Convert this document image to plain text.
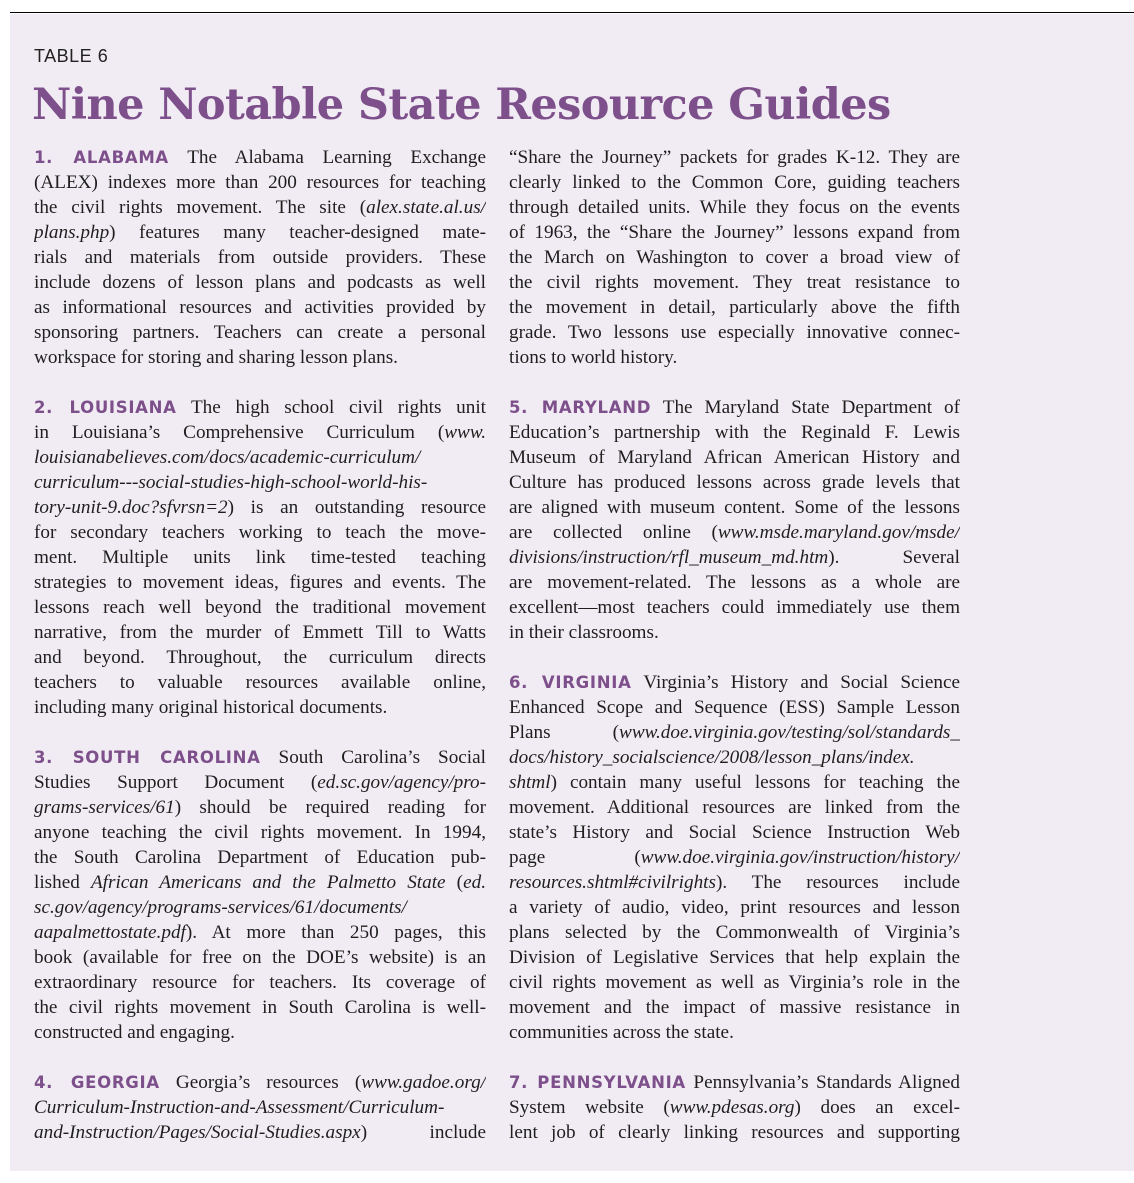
TABLE 6
Nine Notable State Resource Guides

1. ALABAMA The Alabama Learning Exchange
(ALEX) indexes more than 200 resources for teaching
the civil rights movement. The site (alex.state.al.us/
plans.php) features many teacher-designed mate-
rials and materials from outside providers. These
include dozens of lesson plans and podcasts as well
as informational resources and activities provided by
sponsoring partners. Teachers can create a personal
workspace for storing and sharing lesson plans.

2. LOUISIANA The high school civil rights unit
in Louisiana’s Comprehensive Curriculum (www.
louisianabelieves.com/docs/academic-curriculum/
curriculum---social-studies-high-school-world-his-
tory-unit-9.doc?sfvrsn=2) is an outstanding resource
for secondary teachers working to teach the move-
ment. Multiple units link time-tested teaching
strategies to movement ideas, figures and events. The
lessons reach well beyond the traditional movement
narrative, from the murder of Emmett Till to Watts
and beyond. Throughout, the curriculum directs
teachers to valuable resources available online,
including many original historical documents.

3. SOUTH CAROLINA South Carolina’s Social
Studies Support Document (ed.sc.gov/agency/pro-
grams-services/61) should be required reading for
anyone teaching the civil rights movement. In 1994,
the South Carolina Department of Education pub-
lished African Americans and the Palmetto State (ed.
sc.gov/agency/programs-services/61/documents/
aapalmettostate.pdf). At more than 250 pages, this
book (available for free on the DOE’s website) is an
extraordinary resource for teachers. Its coverage of
the civil rights movement in South Carolina is well-
constructed and engaging.

4. GEORGIA Georgia’s resources (www.gadoe.org/
Curriculum-Instruction-and-Assessment/Curriculum-
and-Instruction/Pages/Social-Studies.aspx) include

“Share the Journey” packets for grades K-12. They are
clearly linked to the Common Core, guiding teachers
through detailed units. While they focus on the events
of 1963, the “Share the Journey” lessons expand from
the March on Washington to cover a broad view of
the civil rights movement. They treat resistance to
the movement in detail, particularly above the fifth
grade. Two lessons use especially innovative connec-
tions to world history.

5. MARYLAND The Maryland State Department of
Education’s partnership with the Reginald F. Lewis
Museum of Maryland African American History and
Culture has produced lessons across grade levels that
are aligned with museum content. Some of the lessons
are collected online (www.msde.maryland.gov/msde/
divisions/instruction/rfl_museum_md.htm). Several
are movement-related. The lessons as a whole are
excellent—most teachers could immediately use them
in their classrooms.

6. VIRGINIA Virginia’s History and Social Science
Enhanced Scope and Sequence (ESS) Sample Lesson
Plans (www.doe.virginia.gov/testing/sol/standards_
docs/history_socialscience/2008/lesson_plans/index.
shtml) contain many useful lessons for teaching the
movement. Additional resources are linked from the
state’s History and Social Science Instruction Web
page (www.doe.virginia.gov/instruction/history/
resources.shtml#civilrights). The resources include
a variety of audio, video, print resources and lesson
plans selected by the Commonwealth of Virginia’s
Division of Legislative Services that help explain the
civil rights movement as well as Virginia’s role in the
movement and the impact of massive resistance in
communities across the state.

7. PENNSYLVANIA Pennsylvania’s Standards Aligned
System website (www.pdesas.org) does an excel-
lent job of clearly linking resources and supporting
